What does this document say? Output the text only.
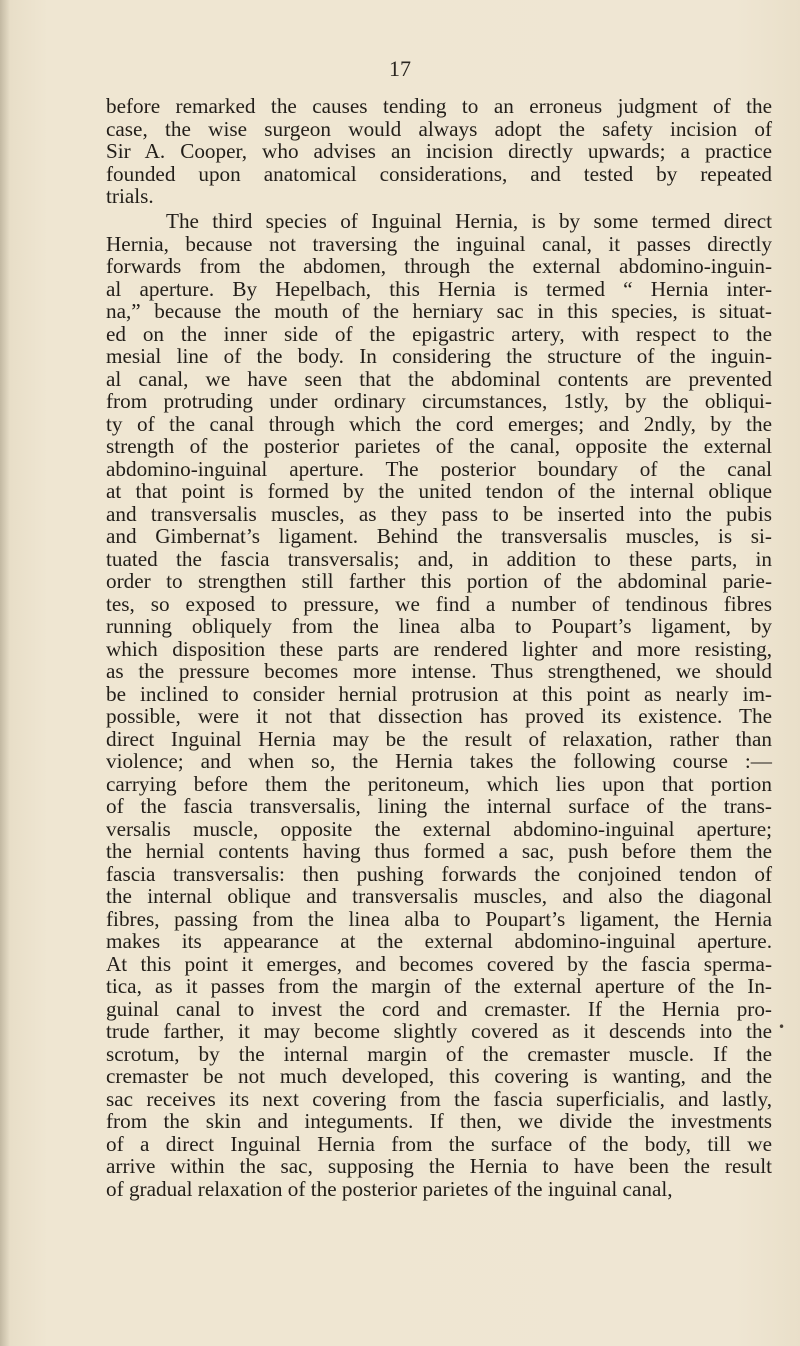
17
before remarked the causes tending to an erroneus judgment of the
case, the wise surgeon would always adopt the safety incision of
Sir A. Cooper, who advises an incision directly upwards; a practice
founded upon anatomical considerations, and tested by repeated
trials.
The third species of Inguinal Hernia, is by some termed direct
Hernia, because not traversing the inguinal canal, it passes directly
forwards from the abdomen, through the external abdomino-inguin-
al aperture. By Hepelbach, this Hernia is termed “ Hernia inter-
na,” because the mouth of the herniary sac in this species, is situat-
ed on the inner side of the epigastric artery, with respect to the
mesial line of the body. In considering the structure of the inguin-
al canal, we have seen that the abdominal contents are prevented
from protruding under ordinary circumstances, 1stly, by the obliqui-
ty of the canal through which the cord emerges; and 2ndly, by the
strength of the posterior parietes of the canal, opposite the external
abdomino-inguinal aperture. The posterior boundary of the canal
at that point is formed by the united tendon of the internal oblique
and transversalis muscles, as they pass to be inserted into the pubis
and Gimbernat’s ligament. Behind the transversalis muscles, is si-
tuated the fascia transversalis; and, in addition to these parts, in
order to strengthen still farther this portion of the abdominal parie-
tes, so exposed to pressure, we find a number of tendinous fibres
running obliquely from the linea alba to Poupart’s ligament, by
which disposition these parts are rendered lighter and more resisting,
as the pressure becomes more intense. Thus strengthened, we should
be inclined to consider hernial protrusion at this point as nearly im-
possible, were it not that dissection has proved its existence. The
direct Inguinal Hernia may be the result of relaxation, rather than
violence; and when so, the Hernia takes the following course :—
carrying before them the peritoneum, which lies upon that portion
of the fascia transversalis, lining the internal surface of the trans-
versalis muscle, opposite the external abdomino-inguinal aperture;
the hernial contents having thus formed a sac, push before them the
fascia transversalis: then pushing forwards the conjoined tendon of
the internal oblique and transversalis muscles, and also the diagonal
fibres, passing from the linea alba to Poupart’s ligament, the Hernia
makes its appearance at the external abdomino-inguinal aperture.
At this point it emerges, and becomes covered by the fascia sperma-
tica, as it passes from the margin of the external aperture of the In-
guinal canal to invest the cord and cremaster. If the Hernia pro-
trude farther, it may become slightly covered as it descends into the
scrotum, by the internal margin of the cremaster muscle. If the
cremaster be not much developed, this covering is wanting, and the
sac receives its next covering from the fascia superficialis, and lastly,
from the skin and integuments. If then, we divide the investments
of a direct Inguinal Hernia from the surface of the body, till we
arrive within the sac, supposing the Hernia to have been the result
of gradual relaxation of the posterior parietes of the inguinal canal,
•
